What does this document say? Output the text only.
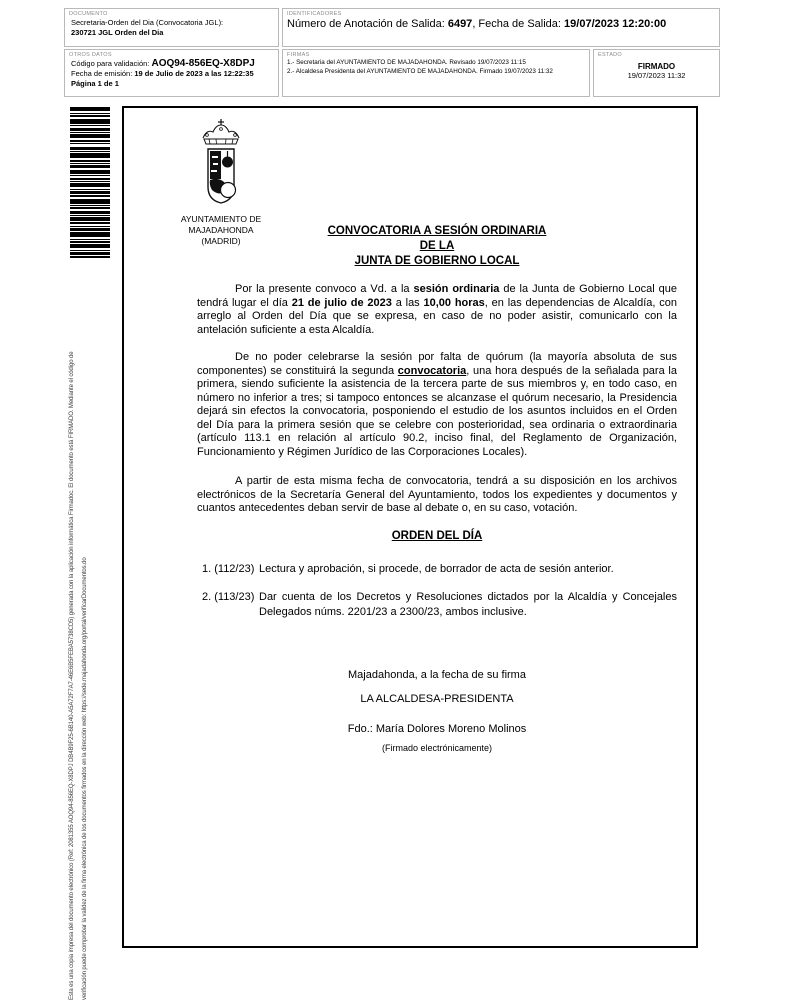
DOCUMENTO
Secretaria-Orden del Dia (Convocatoria JGL):
230721 JGL Orden del Dia
IDENTIFICADORES
Número de Anotación de Salida: 6497, Fecha de Salida: 19/07/2023 12:20:00
OTROS DATOS
Código para validación: AOQ94-856EQ-X8DPJ
Fecha de emisión: 19 de Julio de 2023 a las 12:22:35
Página 1 de 1
FIRMAS
1.- Secretaria del AYUNTAMIENTO DE MAJADAHONDA. Revisado 19/07/2023 11:15
2.- Alcaldesa Presidenta del AYUNTAMIENTO DE MAJADAHONDA. Firmado 19/07/2023 11:32
ESTADO
FIRMADO
19/07/2023 11:32
Esta es una copia impresa del documento electrónico (Ref: 2081355 AOQ94-856EQ-X8DPJ DB4B9F25-6B140-A5A72F7A7-46E6B5FEBA5738CD5) generada con la aplicación informática Firmadoc. El documento está FIRMADO. Mediante el código de	verificación puede comprobar la validez de la firma electrónica de los documentos firmados en la dirección web: https://sede.majadahonda.org/portal/verificarDocumentos.do
AYUNTAMIENTO DE
MAJADAHONDA
(MADRID)
CONVOCATORIA A SESIÓN ORDINARIA
DE LA
JUNTA DE GOBIERNO LOCAL

Por la presente convoco a Vd. a la sesión ordinaria de la Junta de Gobierno Local que tendrá lugar el día 21 de julio de 2023 a las 10,00 horas, en las dependencias de Alcaldía, con arreglo al Orden del Día que se expresa, en caso de no poder asistir, comunicarlo con la antelación suficiente a esta Alcaldía.

De no poder celebrarse la sesión por falta de quórum (la mayoría absoluta de sus componentes) se constituirá la segunda convocatoria, una hora después de la señalada para la primera, siendo suficiente la asistencia de la tercera parte de sus miembros y, en todo caso, en número no inferior a tres; si tampoco entonces se alcanzase el quórum necesario, la Presidencia dejará sin efectos la convocatoria, posponiendo el estudio de los asuntos incluidos en el Orden del Día para la primera sesión que se celebre con posterioridad, sea ordinaria o extraordinaria (artículo 113.1 en relación al artículo 90.2, inciso final, del Reglamento de Organización, Funcionamiento y Régimen Jurídico de las Corporaciones Locales).

A partir de esta misma fecha de convocatoria, tendrá a su disposición en los archivos electrónicos de la Secretaría General del Ayuntamiento, todos los expedientes y documentos y cuantos antecedentes deban servir de base al debate o, en su caso, votación.

ORDEN DEL DÍA
1. (112/23) Lectura y aprobación, si procede, de borrador de acta de sesión anterior.
2. (113/23) Dar cuenta de los Decretos y Resoluciones dictados por la Alcaldía y Concejales Delegados núms. 2201/23 a 2300/23, ambos inclusive.
Majadahonda, a la fecha de su firma
LA ALCALDESA-PRESIDENTA
Fdo.: María Dolores Moreno Molinos
(Firmado electrónicamente)
